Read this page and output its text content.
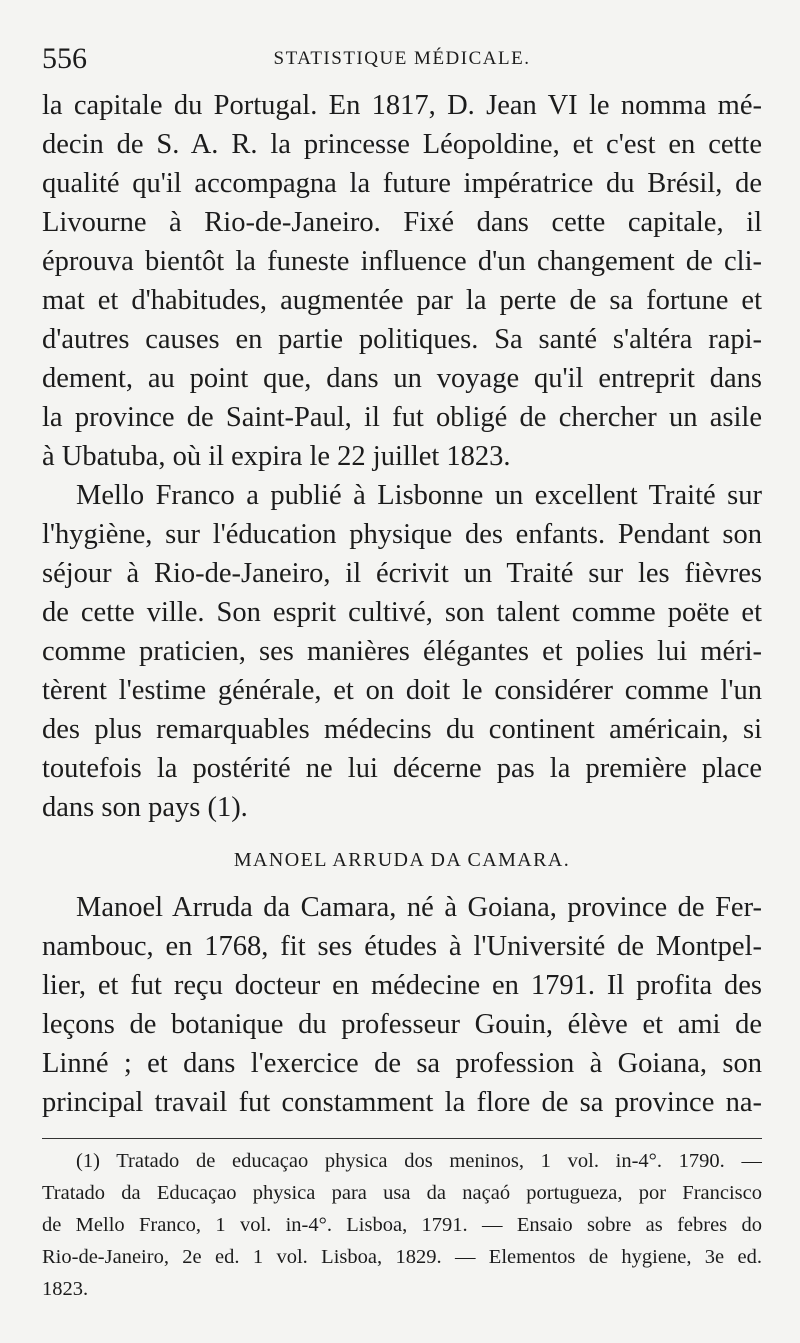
556	STATISTIQUE MÉDICALE.
la capitale du Portugal. En 1817, D. Jean VI le nomma mé-
decin de S. A. R. la princesse Léopoldine, et c'est en cette
qualité qu'il accompagna la future impératrice du Brésil, de
Livourne à Rio-de-Janeiro. Fixé dans cette capitale, il
éprouva bientôt la funeste influence d'un changement de cli-
mat et d'habitudes, augmentée par la perte de sa fortune et
d'autres causes en partie politiques. Sa santé s'altéra rapi-
dement, au point que, dans un voyage qu'il entreprit dans
la province de Saint-Paul, il fut obligé de chercher un asile
à Ubatuba, où il expira le 22 juillet 1823.
Mello Franco a publié à Lisbonne un excellent Traité sur
l'hygiène, sur l'éducation physique des enfants. Pendant son
séjour à Rio-de-Janeiro, il écrivit un Traité sur les fièvres
de cette ville. Son esprit cultivé, son talent comme poëte et
comme praticien, ses manières élégantes et polies lui méri-
tèrent l'estime générale, et on doit le considérer comme l'un
des plus remarquables médecins du continent américain, si
toutefois la postérité ne lui décerne pas la première place
dans son pays (1).
MANOEL ARRUDA DA CAMARA.
Manoel Arruda da Camara, né à Goiana, province de Fer-
nambouc, en 1768, fit ses études à l'Université de Montpel-
lier, et fut reçu docteur en médecine en 1791. Il profita des
leçons de botanique du professeur Gouin, élève et ami de
Linné ; et dans l'exercice de sa profession à Goiana, son
principal travail fut constamment la flore de sa province na-
(1) Tratado de educaçao physica dos meninos, 1 vol. in-4°. 1790. —
Tratado da Educaçao physica para usa da naçaó portugueza, por Francisco
de Mello Franco, 1 vol. in-4°. Lisboa, 1791. — Ensaio sobre as febres do
Rio-de-Janeiro, 2e ed. 1 vol. Lisboa, 1829. — Elementos de hygiene, 3e ed.
1823.
